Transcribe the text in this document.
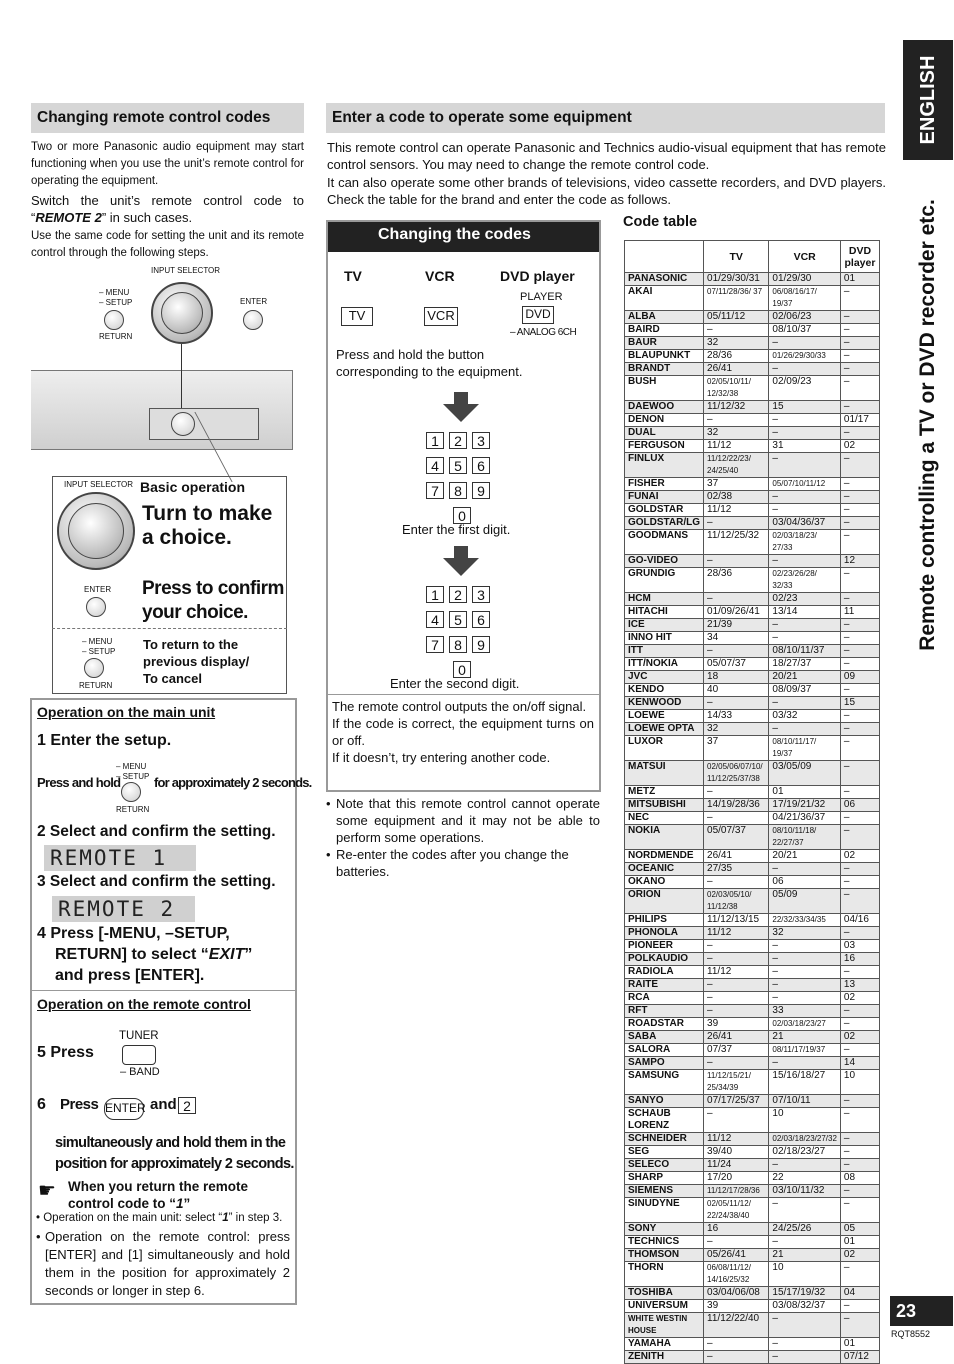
ENGLISH
Remote controlling a TV or DVD recorder etc.
23
RQT8552
Changing remote control codes
Two or more Panasonic audio equipment may start functioning when you use the unit’s remote control for operating the equipment.
Switch the unit’s remote control code to “REMOTE 2” in such cases.
Use the same code for setting the unit and its remote control through the following steps.
INPUT SELECTOR
– MENU
– SETUP
RETURN
ENTER
INPUT SELECTOR Basic operation
Turn to make
a choice.
ENTER Press to confirm
your choice.
– MENU
– SETUP
RETURN
To return to the
previous display/
To cancel
Operation on the main unit
1 Enter the setup.
Press and hold
– MENU
– SETUP
RETURN
for approximately 2 seconds.
2 Select and confirm the setting.
REMOTE 1
3 Select and confirm the setting.
REMOTE 2
4 Press [-MENU, –SETUP,
RETURN] to select “EXIT”
and press [ENTER].
Operation on the remote control
5 Press
TUNER
– BAND
6 Press ENTER and 2
simultaneously and hold them in the
position for approximately 2 seconds.
☛ When you return the remote
control code to “1”
• Operation on the main unit: select “1” in step 3.
• Operation on the remote control: press [ENTER] and [1] simultaneously and hold them in the position for approximately 2 seconds or longer in step 6.
Enter a code to operate some equipment
This remote control can operate Panasonic and Technics audio-visual equipment that has remote control sensors. You may need to change the remote control code.
It can also operate some other brands of televisions, video cassette recorders, and DVD players. Check the table for the brand and enter the code as follows.
Changing the codes
TV	VCR	DVD player
TV	VCR
PLAYER
DVD
– ANALOG 6CH
Press and hold the button corresponding to the equipment.
1 2 3
4 5 6
7 8 9
0
Enter the first digit.
1 2 3
4 5 6
7 8 9
0
Enter the second digit.
The remote control outputs the on/off signal.
If the code is correct, the equipment turns on or off.
If it doesn’t, try entering another code.
• Note that this remote control cannot operate some equipment and it may not be able to perform some operations.
• Re-enter the codes after you change the batteries.
Code table
	TV	VCR	DVD player
PANASONIC	01/29/30/31	01/29/30	01
AKAI	07/11/28/36/ 37	06/08/16/17/ 19/37	–
ALBA	05/11/12	02/06/23	–
BAIRD	–	08/10/37	–
BAUR	32	–	–
BLAUPUNKT	28/36	01/26/29/30/33	–
BRANDT	26/41	–	–
BUSH	02/05/10/11/ 12/32/38	02/09/23	–
DAEWOO	11/12/32	15	–
DENON	–	–	01/17
DUAL	32	–	–
FERGUSON	11/12	31	02
FINLUX	11/12/22/23/ 24/25/40	–	–
FISHER	37	05/07/10/11/12	–
FUNAI	02/38	–	–
GOLDSTAR	11/12	–	–
GOLDSTAR/LG	–	03/04/36/37	–
GOODMANS	11/12/25/32	02/03/18/23/ 27/33	–
GO-VIDEO	–	–	12
GRUNDIG	28/36	02/23/26/28/ 32/33	–
HCM	–	02/23	–
HITACHI	01/09/26/41	13/14	11
ICE	21/39	–	–
INNO HIT	34	–	–
ITT	–	08/10/11/37	–
ITT/NOKIA	05/07/37	18/27/37	–
JVC	18	20/21	09
KENDO	40	08/09/37	–
KENWOOD	–	–	15
LOEWE	14/33	03/32	–
LOEWE OPTA	32	–	–
LUXOR	37	08/10/11/17/ 19/37	–
MATSUI	02/05/06/07/10/ 11/12/25/37/38	03/05/09	–
METZ	–	01	–
MITSUBISHI	14/19/28/36	17/19/21/32	06
NEC	–	04/21/36/37	–
NOKIA	05/07/37	08/10/11/18/ 22/27/37	–
NORDMENDE	26/41	20/21	02
OCEANIC	27/35	–	–
OKANO	–	06	–
ORION	02/03/05/10/ 11/12/38	05/09	–
PHILIPS	11/12/13/15	22/32/33/34/35	04/16
PHONOLA	11/12	32	–
PIONEER	–	–	03
POLKAUDIO	–	–	16
RADIOLA	11/12	–	–
RAITE	–	–	13
RCA	–	–	02
RFT	–	33	–
ROADSTAR	39	02/03/18/23/27	–
SABA	26/41	21	02
SALORA	07/37	08/11/17/19/37	–
SAMPO	–	–	14
SAMSUNG	11/12/15/21/ 25/34/39	15/16/18/27	10
SANYO	07/17/25/37	07/10/11	–
SCHAUB LORENZ	–	10	–
SCHNEIDER	11/12	02/03/18/23/27/32	–
SEG	39/40	02/18/23/27	–
SELECO	11/24	–	–
SHARP	17/20	22	08
SIEMENS	11/12/17/28/36	03/10/11/32	–
SINUDYNE	02/05/11/12/ 22/24/38/40	–	–
SONY	16	24/25/26	05
TECHNICS	–	–	01
THOMSON	05/26/41	21	02
THORN	06/08/11/12/ 14/16/25/32	10	–
TOSHIBA	03/04/06/08	15/17/19/32	04
UNIVERSUM	39	03/08/32/37	–
WHITE WESTIN HOUSE	11/12/22/40	–	–
YAMAHA	–	–	01
ZENITH	–	–	07/12
